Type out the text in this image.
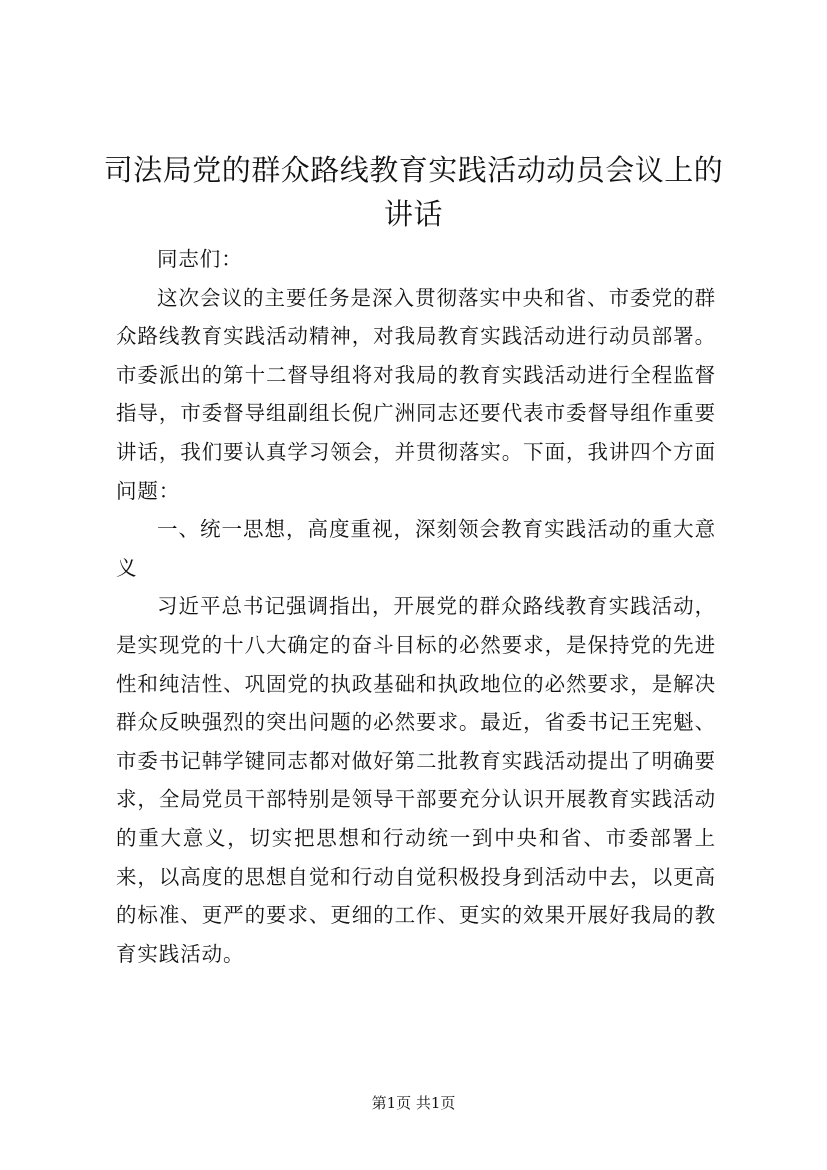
司法局党的群众路线教育实践活动动员会议上的讲话

同志们：

这次会议的主要任务是深入贯彻落实中央和省、市委党的群众路线教育实践活动精神，对我局教育实践活动进行动员部署。市委派出的第十二督导组将对我局的教育实践活动进行全程监督指导，市委督导组副组长倪广洲同志还要代表市委督导组作重要讲话，我们要认真学习领会，并贯彻落实。下面，我讲四个方面问题：

一、统一思想，高度重视，深刻领会教育实践活动的重大意义

习近平总书记强调指出，开展党的群众路线教育实践活动，是实现党的十八大确定的奋斗目标的必然要求，是保持党的先进性和纯洁性、巩固党的执政基础和执政地位的必然要求，是解决群众反映强烈的突出问题的必然要求。最近，省委书记王宪魁、市委书记韩学键同志都对做好第二批教育实践活动提出了明确要求，全局党员干部特别是领导干部要充分认识开展教育实践活动的重大意义，切实把思想和行动统一到中央和省、市委部署上来，以高度的思想自觉和行动自觉积极投身到活动中去，以更高的标准、更严的要求、更细的工作、更实的效果开展好我局的教育实践活动。

第1页 共1页
